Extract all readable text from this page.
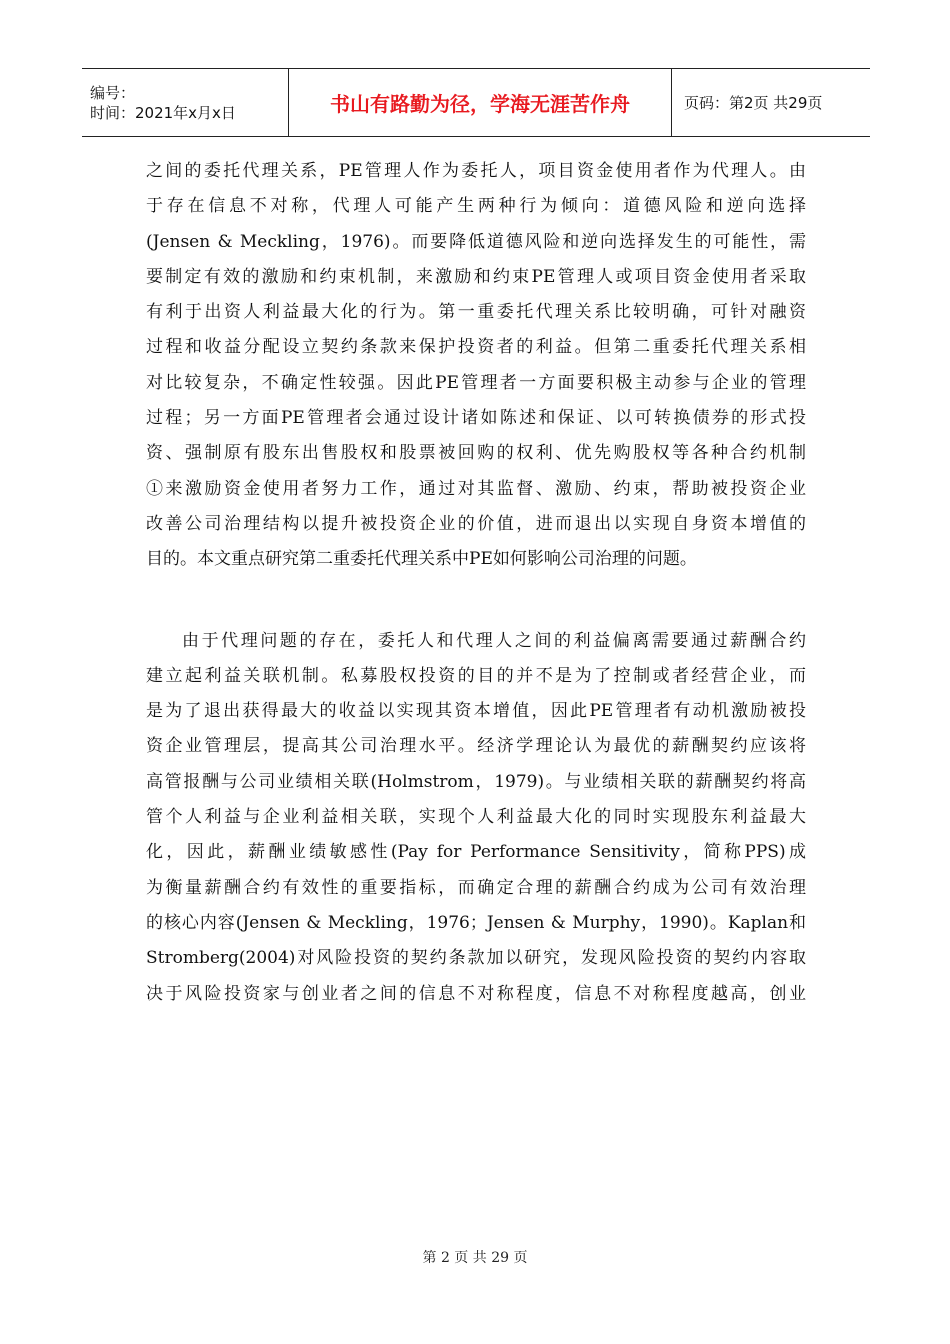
编号：
时间：2021年x月x日	书山有路勤为径，学海无涯苦作舟	页码：第2页 共29页

之间的委托代理关系，PE管理人作为委托人，项目资金使用者作为代理人。由

于存在信息不对称，代理人可能产生两种行为倾向：道德风险和逆向选择

(Jensen & Meckling，1976)。而要降低道德风险和逆向选择发生的可能性，需

要制定有效的激励和约束机制，来激励和约束PE管理人或项目资金使用者采取

有利于出资人利益最大化的行为。第一重委托代理关系比较明确，可针对融资

过程和收益分配设立契约条款来保护投资者的利益。但第二重委托代理关系相

对比较复杂，不确定性较强。因此PE管理者一方面要积极主动参与企业的管理

过程；另一方面PE管理者会通过设计诸如陈述和保证、以可转换债券的形式投

资、强制原有股东出售股权和股票被回购的权利、优先购股权等各种合约机制

①来激励资金使用者努力工作，通过对其监督、激励、约束，帮助被投资企业

改善公司治理结构以提升被投资企业的价值，进而退出以实现自身资本增值的

目的。本文重点研究第二重委托代理关系中PE如何影响公司治理的问题。

由于代理问题的存在，委托人和代理人之间的利益偏离需要通过薪酬合约

建立起利益关联机制。私募股权投资的目的并不是为了控制或者经营企业，而

是为了退出获得最大的收益以实现其资本增值，因此PE管理者有动机激励被投

资企业管理层，提高其公司治理水平。经济学理论认为最优的薪酬契约应该将

高管报酬与公司业绩相关联(Holmstrom，1979)。与业绩相关联的薪酬契约将高

管个人利益与企业利益相关联，实现个人利益最大化的同时实现股东利益最大

化，因此，薪酬业绩敏感性(Pay for Performance Sensitivity，简称PPS)成

为衡量薪酬合约有效性的重要指标，而确定合理的薪酬合约成为公司有效治理

的核心内容(Jensen & Meckling，1976；Jensen & Murphy，1990)。Kaplan和

Stromberg(2004)对风险投资的契约条款加以研究，发现风险投资的契约内容取

决于风险投资家与创业者之间的信息不对称程度，信息不对称程度越高，创业

第 2 页 共 29 页
